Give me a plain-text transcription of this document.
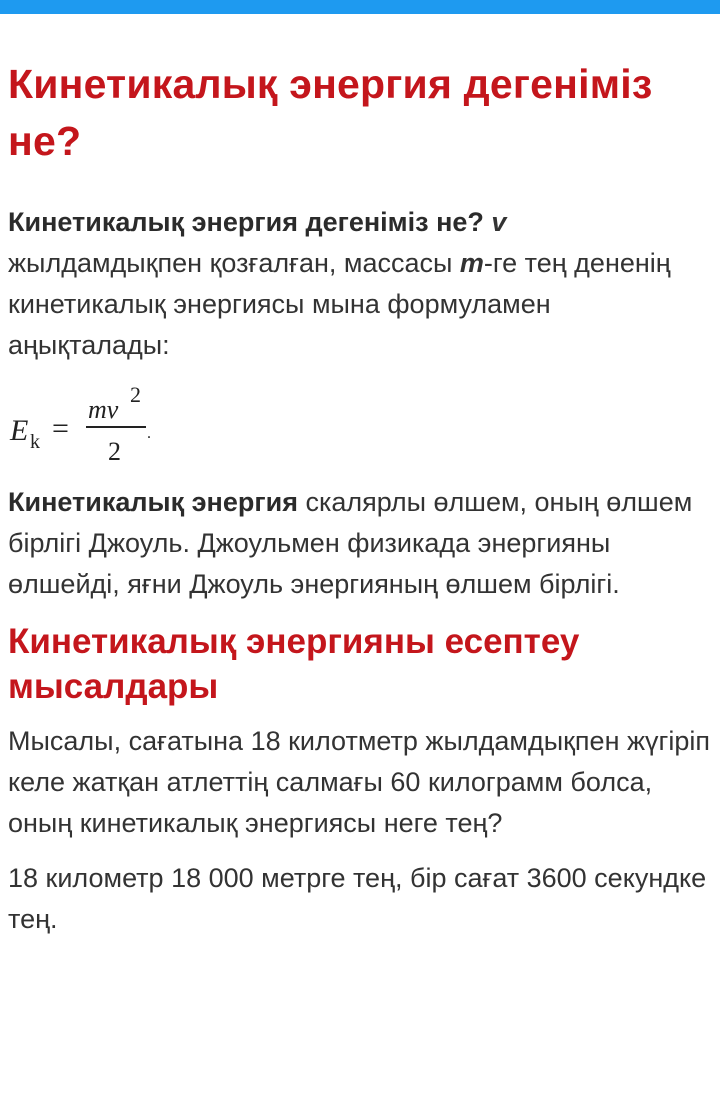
Кинетикалық энергия дегеніміз не?

Кинетикалық энергия дегеніміз не? v
жылдамдықпен қозғалған, массасы m-ге тең дененің кинетикалық энергиясы мына формуламен аңықталады:

E k =
mv
2
2
.

Кинетикалық энергия скалярлы өлшем, оның өлшем бірлігі Джоуль. Джоульмен физикада энергияны өлшейді, яғни Джоуль энергияның өлшем бірлігі.

Кинетикалық энергияны есептеу мысалдары

Мысалы, сағатына 18 килотметр жылдамдықпен жүгіріп келе жатқан атлеттің салмағы 60 килограмм болса, оның кинетикалық энергиясы неге тең?

18 километр 18 000 метрге тең, бір сағат 3600 секундке тең.
